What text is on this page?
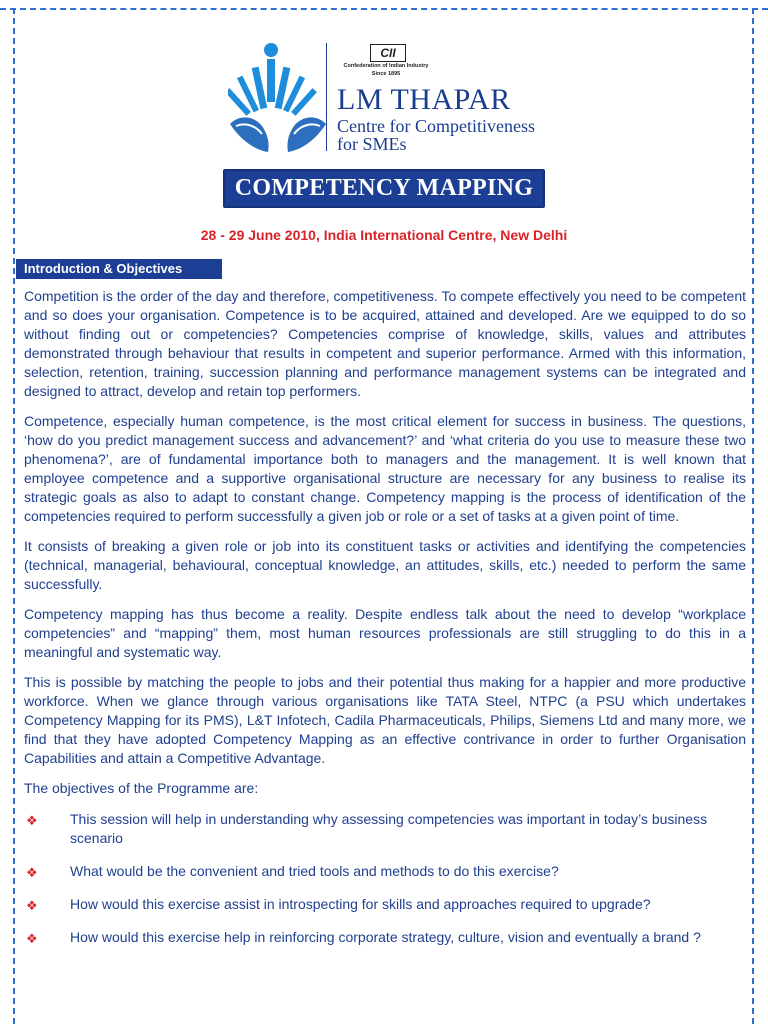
CII
Confederation of Indian Industry
Since 1895
LM THAPAR
Centre for Competitiveness
for SMEs
COMPETENCY MAPPING
28 - 29 June 2010, India International Centre, New Delhi
Introduction & Objectives

Competition is the order of the day and therefore, competitiveness. To compete effectively you need to be competent and so does your organisation. Competence is to be acquired, attained and developed. Are we equipped to do so without finding out or competencies? Competencies comprise of knowledge, skills, values and attributes demonstrated through behaviour that results in competent and superior performance. Armed with this information, selection, retention, training, succession planning and performance management systems can be integrated and designed to attract, develop and retain top performers.

Competence, especially human competence, is the most critical element for success in business. The questions, ‘how do you predict management success and advancement?’ and ‘what criteria do you use to measure these two phenomena?’, are of fundamental importance both to managers and the management. It is well known that employee competence and a supportive organisational structure are necessary for any business to realise its strategic goals as also to adapt to constant change. Competency mapping is the process of identification of the competencies required to perform successfully a given job or role or a set of tasks at a given point of time.

It consists of breaking a given role or job into its constituent tasks or activities and identifying the competencies (technical, managerial, behavioural, conceptual knowledge, an attitudes, skills, etc.) needed to perform the same successfully.

Competency mapping has thus become a reality. Despite endless talk about the need to develop “workplace competencies” and “mapping” them, most human resources professionals are still struggling to do this in a meaningful and systematic way.

This is possible by matching the people to jobs and their potential thus making for a happier and more productive workforce. When we glance through various organisations like TATA Steel, NTPC (a PSU which undertakes Competency Mapping for its PMS), L&T Infotech, Cadila Pharmaceuticals, Philips, Siemens Ltd and many more, we find that they have adopted Competency Mapping as an effective contrivance in order to further Organisation Capabilities and attain a Competitive Advantage.

The objectives of the Programme are:

❖ This session will help in understanding why assessing competencies was important in today’s business scenario
❖ What would be the convenient and tried tools and methods to do this exercise?
❖ How would this exercise assist in introspecting for skills and approaches required to upgrade?
❖ How would this exercise help in reinforcing corporate strategy, culture, vision and eventually a brand ?
